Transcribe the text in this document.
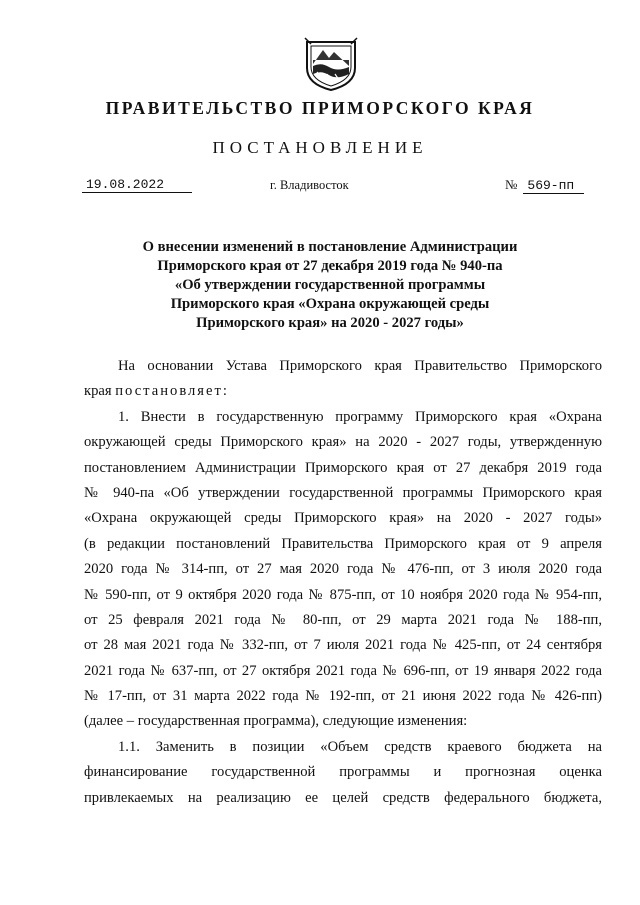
ПРАВИТЕЛЬСТВО ПРИМОРСКОГО КРАЯ
ПОСТАНОВЛЕНИЕ
19.08.2022	г. Владивосток	№ 569-пп
О внесении изменений в постановление Администрации
Приморского края от 27 декабря 2019 года № 940-па
«Об утверждении государственной программы
Приморского края «Охрана окружающей среды
Приморского края» на 2020 - 2027 годы»
На основании Устава Приморского края Правительство Приморского
края постановляет:
1. Внести в государственную программу Приморского края «Охрана
окружающей среды Приморского края» на 2020 - 2027 годы, утвержденную
постановлением Администрации Приморского края от 27 декабря 2019 года
№ 940-па «Об утверждении государственной программы Приморского края
«Охрана окружающей среды Приморского края» на 2020 - 2027 годы»
(в редакции постановлений Правительства Приморского края от 9 апреля
2020 года № 314-пп, от 27 мая 2020 года № 476-пп, от 3 июля 2020 года
№ 590-пп, от 9 октября 2020 года № 875-пп, от 10 ноября 2020 года № 954-пп,
от 25 февраля 2021 года № 80-пп, от 29 марта 2021 года № 188-пп,
от 28 мая 2021 года № 332-пп, от 7 июля 2021 года № 425-пп, от 24 сентября
2021 года № 637-пп, от 27 октября 2021 года № 696-пп, от 19 января 2022 года
№ 17-пп, от 31 марта 2022 года № 192-пп, от 21 июня 2022 года № 426-пп)
(далее – государственная программа), следующие изменения:
1.1. Заменить в позиции «Объем средств краевого бюджета на
финансирование государственной программы и прогнозная оценка
привлекаемых на реализацию ее целей средств федерального бюджета,
